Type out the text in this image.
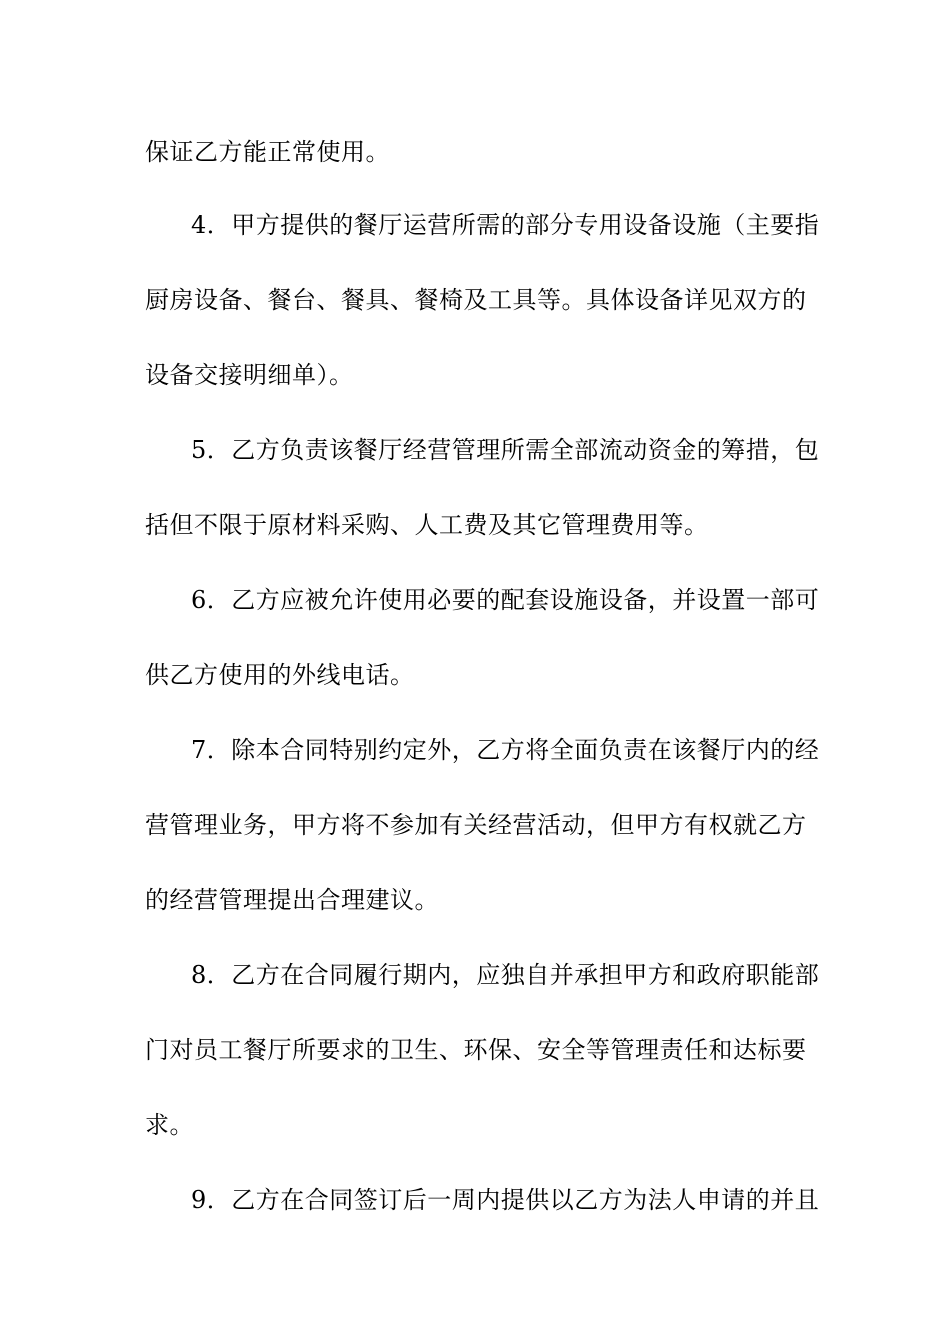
保证乙方能正常使用。
4．甲方提供的餐厅运营所需的部分专用设备设施（主要指
厨房设备、餐台、餐具、餐椅及工具等。具体设备详见双方的
设备交接明细单）。
5．乙方负责该餐厅经营管理所需全部流动资金的筹措，包
括但不限于原材料采购、人工费及其它管理费用等。
6．乙方应被允许使用必要的配套设施设备，并设置一部可
供乙方使用的外线电话。
7．除本合同特别约定外，乙方将全面负责在该餐厅内的经
营管理业务，甲方将不参加有关经营活动，但甲方有权就乙方
的经营管理提出合理建议。
8．乙方在合同履行期内，应独自并承担甲方和政府职能部
门对员工餐厅所要求的卫生、环保、安全等管理责任和达标要
求。
9．乙方在合同签订后一周内提供以乙方为法人申请的并且
